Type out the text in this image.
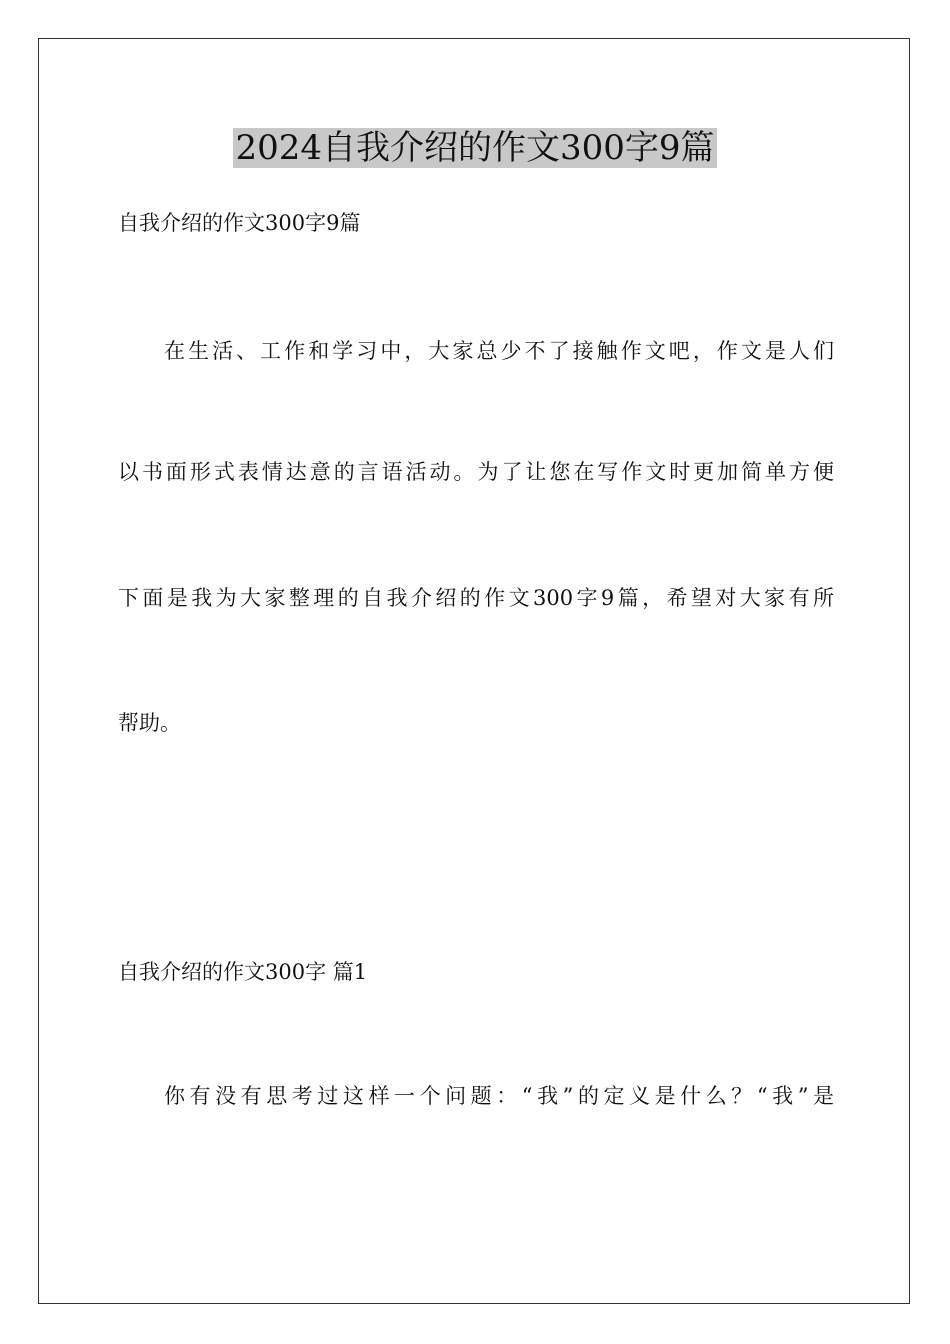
2024自我介绍的作文300字9篇
自我介绍的作文300字9篇
在生活、工作和学习中，大家总少不了接触作文吧，作文是人们
以书面形式表情达意的言语活动。为了让您在写作文时更加简单方便
下面是我为大家整理的自我介绍的作文300字9篇，希望对大家有所
帮助。
自我介绍的作文300字 篇1
你有没有思考过这样一个问题：“我”的定义是什么？“我”是
